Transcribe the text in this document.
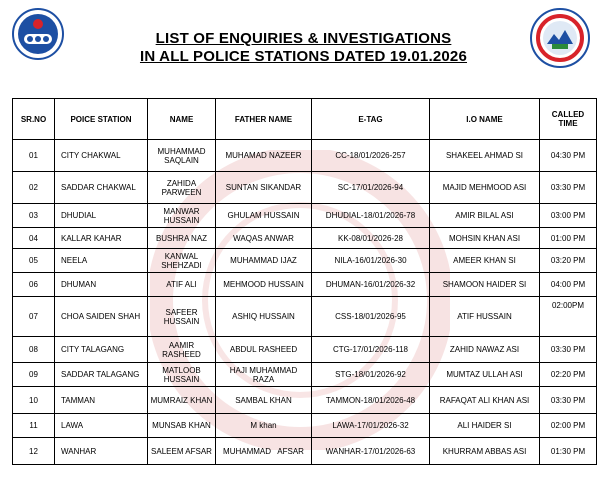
LIST OF ENQUIRIES & INVESTIGATIONS
IN ALL POLICE STATIONS DATED 19.01.2026
SR.NO	POICE STATION	NAME	FATHER NAME	E-TAG	I.O NAME	CALLED TIME
01	CITY CHAKWAL	MUHAMMAD SAQLAIN	MUHAMAD NAZEER	CC-18/01/2026-257	SHAKEEL AHMAD SI	04:30 PM
02	SADDAR CHAKWAL	ZAHIDA PARWEEN	SUNTAN SIKANDAR	SC-17/01/2026-94	MAJID MEHMOOD ASI	03:30 PM
03	DHUDIAL	MANWAR HUSSAIN	GHULAM HUSSAIN	DHUDIAL-18/01/2026-78	AMIR BILAL ASI	03:00 PM
04	KALLAR KAHAR	BUSHRA NAZ	WAQAS ANWAR	KK-08/01/2026-28	MOHSIN KHAN ASI	01:00 PM
05	NEELA	KANWAL SHEHZADI	MUHAMMAD IJAZ	NILA-16/01/2026-30	AMEER KHAN SI	03:20 PM
06	DHUMAN	ATIF ALI	MEHMOOD HUSSAIN	DHUMAN-16/01/2026-32	SHAMOON HAIDER SI	04:00 PM
07	CHOA SAIDEN SHAH	SAFEER HUSSAIN	ASHIQ HUSSAIN	CSS-18/01/2026-95	ATIF HUSSAIN	02:00PM
08	CITY TALAGANG	AAMIR RASHEED	ABDUL RASHEED	CTG-17/01/2026-118	ZAHID NAWAZ ASI	03:30 PM
09	SADDAR TALAGANG	MATLOOB HUSSAIN	HAJI MUHAMMAD RAZA	STG-18/01/2026-92	MUMTAZ ULLAH ASI	02:20 PM
10	TAMMAN	MUMRAIZ KHAN	SAMBAL KHAN	TAMMON-18/01/2026-48	RAFAQAT ALI KHAN ASI	03:30 PM
11	LAWA	MUNSAB KHAN	M khan	LAWA-17/01/2026-32	ALI HAIDER SI	02:00 PM
12	WANHAR	SALEEM AFSAR	MUHAMMAD   AFSAR	WANHAR-17/01/2026-63	KHURRAM ABBAS ASI	01:30 PM
